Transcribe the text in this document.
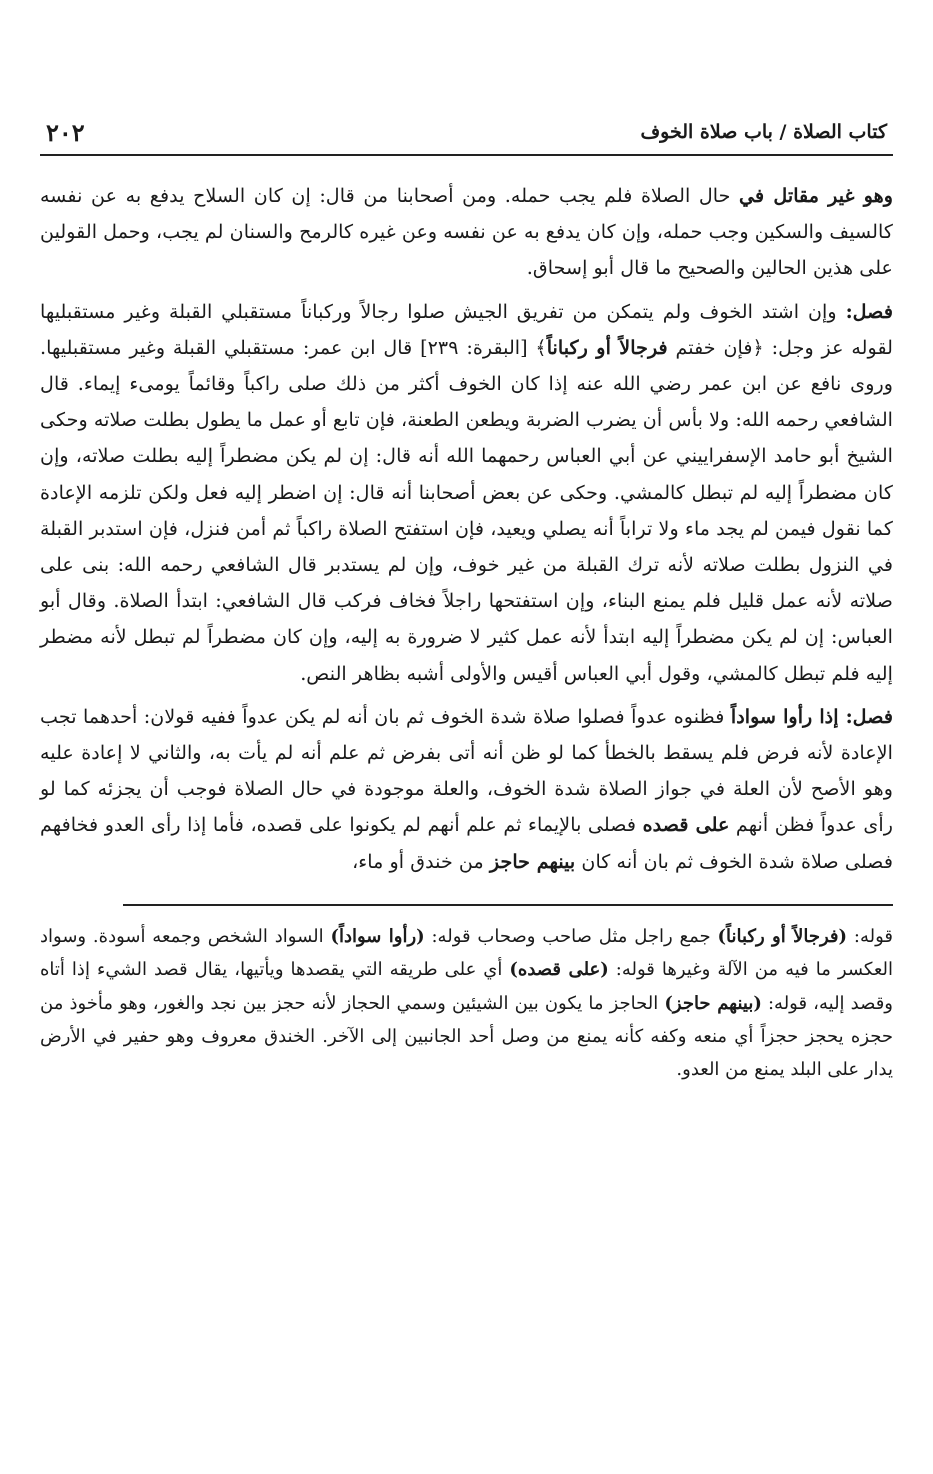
كتاب الصلاة / باب صلاة الخوف
٢٠٢

وهو غير مقاتل في حال الصلاة فلم يجب حمله. ومن أصحابنا من قال: إن كان السلاح يدفع به عن نفسه كالسيف والسكين وجب حمله، وإن كان يدفع به عن نفسه وعن غيره كالرمح والسنان لم يجب، وحمل القولين على هذين الحالين والصحيح ما قال أبو إسحاق.

فصل: وإن اشتد الخوف ولم يتمكن من تفريق الجيش صلوا رجالاً وركباناً مستقبلي القبلة وغير مستقبليها لقوله عز وجل: ﴿فإن خفتم فرجالاً أو ركباناً﴾ [البقرة: ٢٣٩] قال ابن عمر: مستقبلي القبلة وغير مستقبليها. وروى نافع عن ابن عمر رضي الله عنه إذا كان الخوف أكثر من ذلك صلى راكباً وقائماً يومىء إيماء. قال الشافعي رحمه الله: ولا بأس أن يضرب الضربة ويطعن الطعنة، فإن تابع أو عمل ما يطول بطلت صلاته وحكى الشيخ أبو حامد الإسفراييني عن أبي العباس رحمهما الله أنه قال: إن لم يكن مضطراً إليه بطلت صلاته، وإن كان مضطراً إليه لم تبطل كالمشي. وحكى عن بعض أصحابنا أنه قال: إن اضطر إليه فعل ولكن تلزمه الإعادة كما نقول فيمن لم يجد ماء ولا تراباً أنه يصلي ويعيد، فإن استفتح الصلاة راكباً ثم أمن فنزل، فإن استدبر القبلة في النزول بطلت صلاته لأنه ترك القبلة من غير خوف، وإن لم يستدبر قال الشافعي رحمه الله: بنى على صلاته لأنه عمل قليل فلم يمنع البناء، وإن استفتحها راجلاً فخاف فركب قال الشافعي: ابتدأ الصلاة. وقال أبو العباس: إن لم يكن مضطراً إليه ابتدأ لأنه عمل كثير لا ضرورة به إليه، وإن كان مضطراً لم تبطل لأنه مضطر إليه فلم تبطل كالمشي، وقول أبي العباس أقيس والأولى أشبه بظاهر النص.

فصل: إذا رأوا سواداً فظنوه عدواً فصلوا صلاة شدة الخوف ثم بان أنه لم يكن عدواً ففيه قولان: أحدهما تجب الإعادة لأنه فرض فلم يسقط بالخطأ كما لو ظن أنه أتى بفرض ثم علم أنه لم يأت به، والثاني لا إعادة عليه وهو الأصح لأن العلة في جواز الصلاة شدة الخوف، والعلة موجودة في حال الصلاة فوجب أن يجزئه كما لو رأى عدواً فظن أنهم على قصده فصلى بالإيماء ثم علم أنهم لم يكونوا على قصده، فأما إذا رأى العدو فخافهم فصلى صلاة شدة الخوف ثم بان أنه كان بينهم حاجز من خندق أو ماء،

قوله: (فرجالاً أو ركباناً) جمع راجل مثل صاحب وصحاب قوله: (رأوا سواداً) السواد الشخص وجمعه أسودة. وسواد العكسر ما فيه من الآلة وغيرها قوله: (على قصده) أي على طريقه التي يقصدها ويأتيها، يقال قصد الشيء إذا أتاه وقصد إليه، قوله: (بينهم حاجز) الحاجز ما يكون بين الشيئين وسمي الحجاز لأنه حجز بين نجد والغور، وهو مأخوذ من حجزه يحجز حجزاً أي منعه وكفه كأنه يمنع من وصل أحد الجانبين إلى الآخر. الخندق معروف وهو حفير في الأرض يدار على البلد يمنع من العدو.
